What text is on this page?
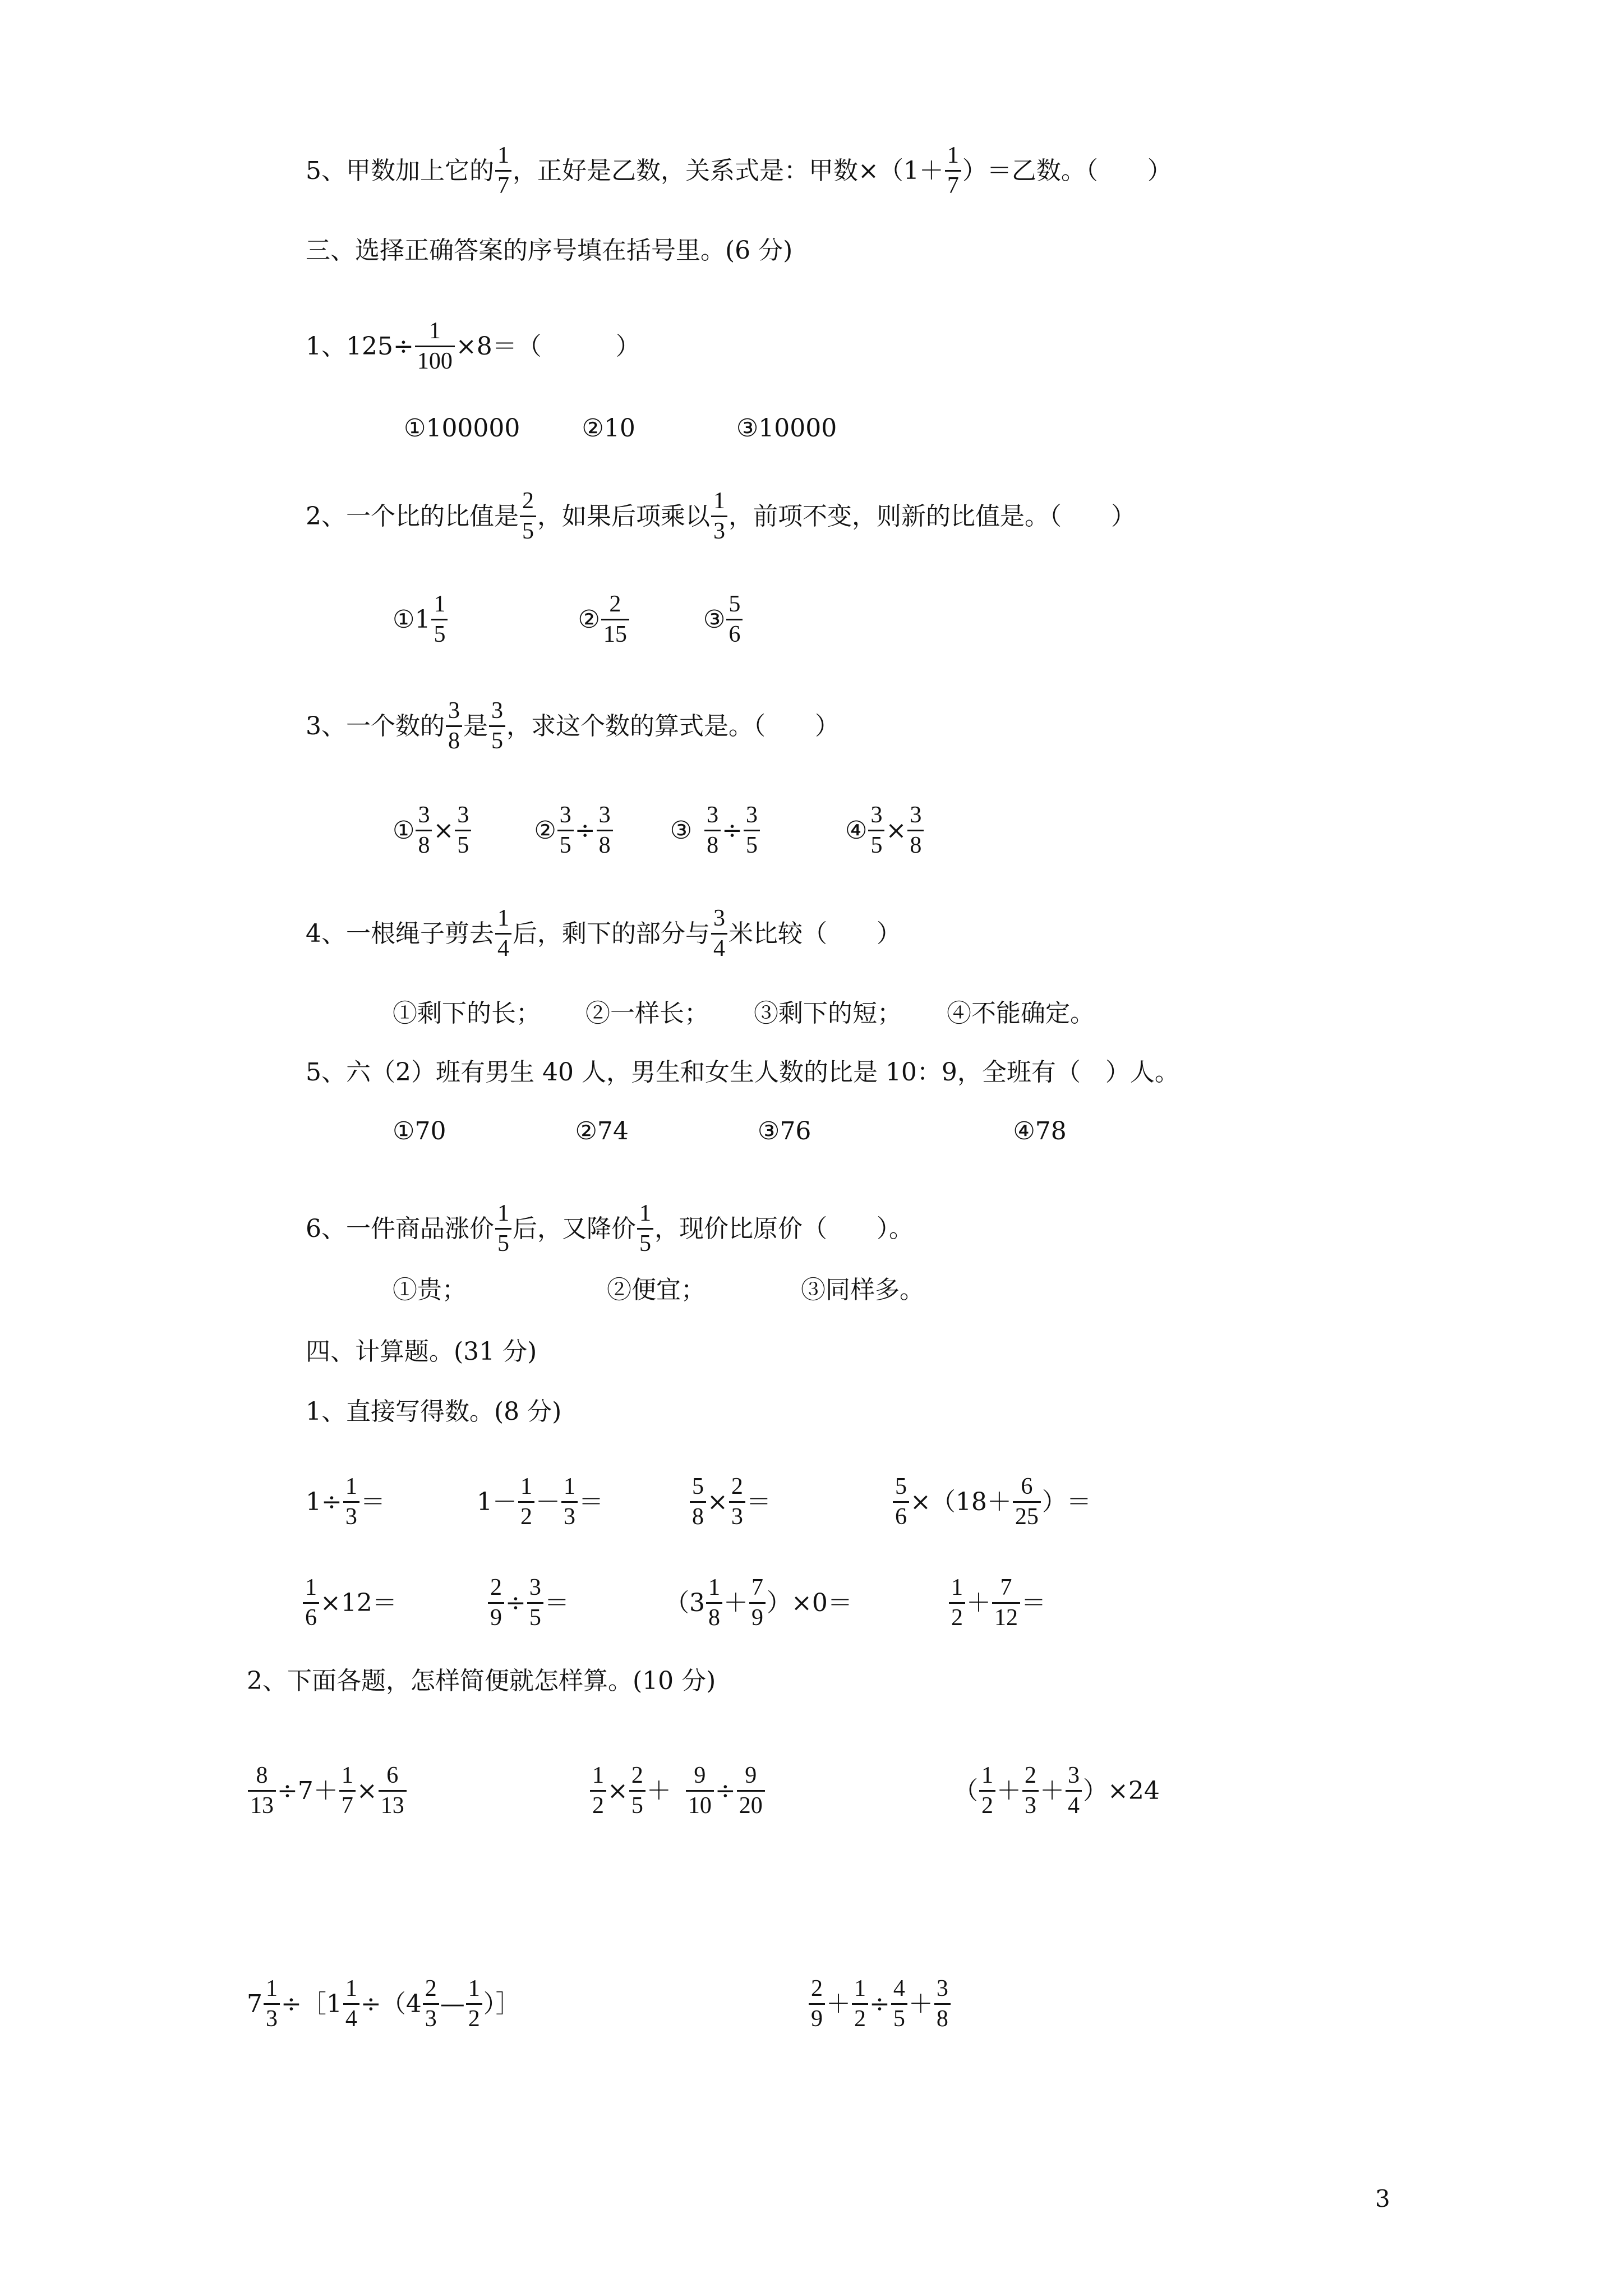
5、甲数加上它的 $\frac{1}{7}$ ，正好是乙数，关系式是：甲数$\times(1+ \frac{1}{7}$ ）＝乙数。（　　）
三、选择正确答案的序号填在括号里。(6 分)
1、$125\div \frac{1}{100} \times 8=$（　　　）
①100000	②10	③10000
2、一个比的比值是 $\frac{2}{5}$ ，如果后项乘以 $\frac{1}{3}$ ，前项不变，则新的比值是。（　　）
①1 $\frac{1}{5}$	② $\frac{2}{15}$	③ $\frac{5}{6}$
3、一个数的 $\frac{3}{8}$ 是 $\frac{3}{5}$ ，求这个数的算式是。（　　）
① $\frac{3}{8} \times \frac{3}{5}$	② $\frac{3}{5} \div \frac{3}{8}$ ③ $\frac{3}{8} \div \frac{3}{5}$	④ $\frac{3}{5} \times \frac{3}{8}$
4、一根绳子剪去 $\frac{1}{4}$ 后，剩下的部分与 $\frac{3}{4}$ 米比较（　　）
①剩下的长； ②一样长； ③剩下的短； ④不能确定。
5、六（2）班有男生 40 人，男生和女生人数的比是 10：9，全班有（　）人。
①70	②74	③76	④78
6、一件商品涨价 $\frac{1}{5}$ 后，又降价 $\frac{1}{5}$ ，现价比原价（　　）。
①贵；	②便宜；	③同样多。
四、计算题。(31 分)
1、直接写得数。(8 分)
$1\div \frac{1}{3}$ ＝	$1- \frac{1}{2} - \frac{1}{3}$ ＝	$\frac{5}{8} \times \frac{2}{3}$ ＝	$\frac{5}{6} \times(18+ \frac{6}{25}$ ）＝
$\frac{1}{6} \times 12=$	$\frac{2}{9} \div \frac{3}{5}$ ＝	$(3 \frac{1}{8} + \frac{7}{9} )\times 0=$	$\frac{1}{2} + \frac{7}{12}$ ＝
2、下面各题，怎样简便就怎样算。(10 分)
$\frac{8}{13} \div 7+ \frac{1}{7} \times \frac{6}{13}$	$\frac{1}{2} \times \frac{2}{5} + \frac{9}{10} \div \frac{9}{20}$	（ $\frac{1}{2} + \frac{2}{3} + \frac{3}{4} )\times 24$
$7 \frac{1}{3}$ ÷［1 $\frac{1}{4} \div(4 \frac{2}{3}$ — $\frac{1}{2}$ ）］	$\frac{2}{9} + \frac{1}{2} \div \frac{4}{5} + \frac{3}{8}$
3
